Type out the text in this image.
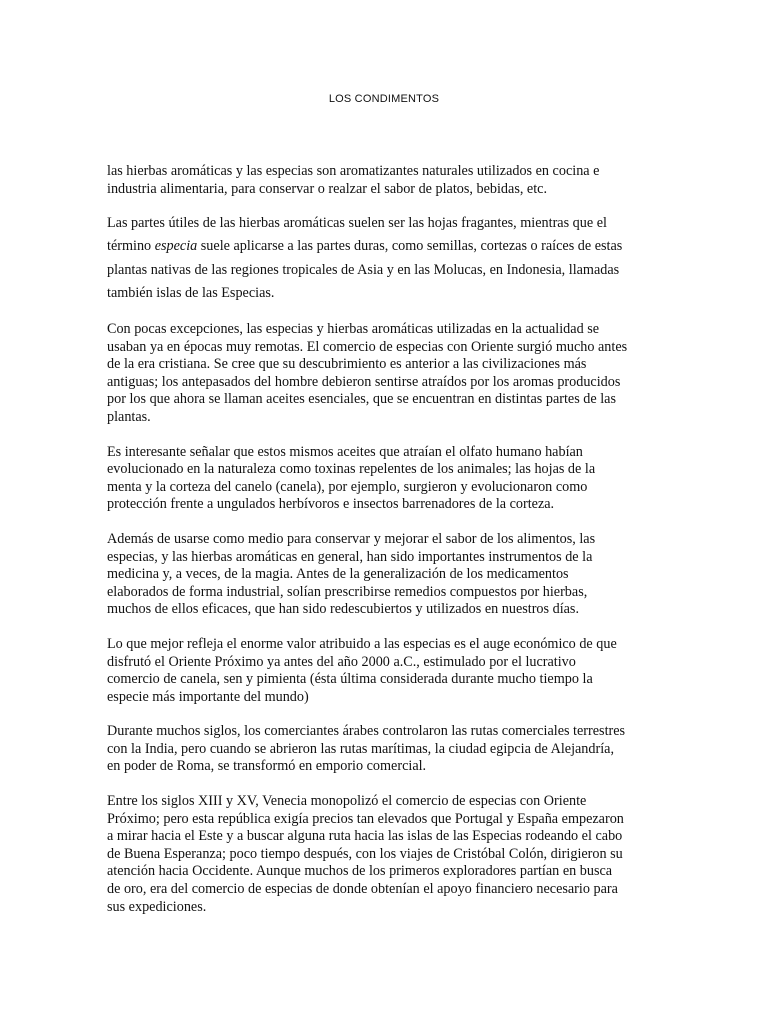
LOS CONDIMENTOS

las hierbas aromáticas y las especias son aromatizantes naturales utilizados en cocina e
industria alimentaria, para conservar o realzar el sabor de platos, bebidas, etc.

Las partes útiles de las hierbas aromáticas suelen ser las hojas fragantes, mientras que el
término especia suele aplicarse a las partes duras, como semillas, cortezas o raíces de estas
plantas nativas de las regiones tropicales de Asia y en las Molucas, en Indonesia, llamadas
también islas de las Especias.

Con pocas excepciones, las especias y hierbas aromáticas utilizadas en la actualidad se
usaban ya en épocas muy remotas. El comercio de especias con Oriente surgió mucho antes
de la era cristiana. Se cree que su descubrimiento es anterior a las civilizaciones más
antiguas; los antepasados del hombre debieron sentirse atraídos por los aromas producidos
por los que ahora se llaman aceites esenciales, que se encuentran en distintas partes de las
plantas.

Es interesante señalar que estos mismos aceites que atraían el olfato humano habían
evolucionado en la naturaleza como toxinas repelentes de los animales; las hojas de la
menta y la corteza del canelo (canela), por ejemplo, surgieron y evolucionaron como
protección frente a ungulados herbívoros e insectos barrenadores de la corteza.

Además de usarse como medio para conservar y mejorar el sabor de los alimentos, las
especias, y las hierbas aromáticas en general, han sido importantes instrumentos de la
medicina y, a veces, de la magia. Antes de la generalización de los medicamentos
elaborados de forma industrial, solían prescribirse remedios compuestos por hierbas,
muchos de ellos eficaces, que han sido redescubiertos y utilizados en nuestros días.

Lo que mejor refleja el enorme valor atribuido a las especias es el auge económico de que
disfrutó el Oriente Próximo ya antes del año 2000 a.C., estimulado por el lucrativo
comercio de canela, sen y pimienta (ésta última considerada durante mucho tiempo la
especie más importante del mundo)

Durante muchos siglos, los comerciantes árabes controlaron las rutas comerciales terrestres
con la India, pero cuando se abrieron las rutas marítimas, la ciudad egipcia de Alejandría,
en poder de Roma, se transformó en emporio comercial.

Entre los siglos XIII y XV, Venecia monopolizó el comercio de especias con Oriente
Próximo; pero esta república exigía precios tan elevados que Portugal y España empezaron
a mirar hacia el Este y a buscar alguna ruta hacia las islas de las Especias rodeando el cabo
de Buena Esperanza; poco tiempo después, con los viajes de Cristóbal Colón, dirigieron su
atención hacia Occidente. Aunque muchos de los primeros exploradores partían en busca
de oro, era del comercio de especias de donde obtenían el apoyo financiero necesario para
sus expediciones.
